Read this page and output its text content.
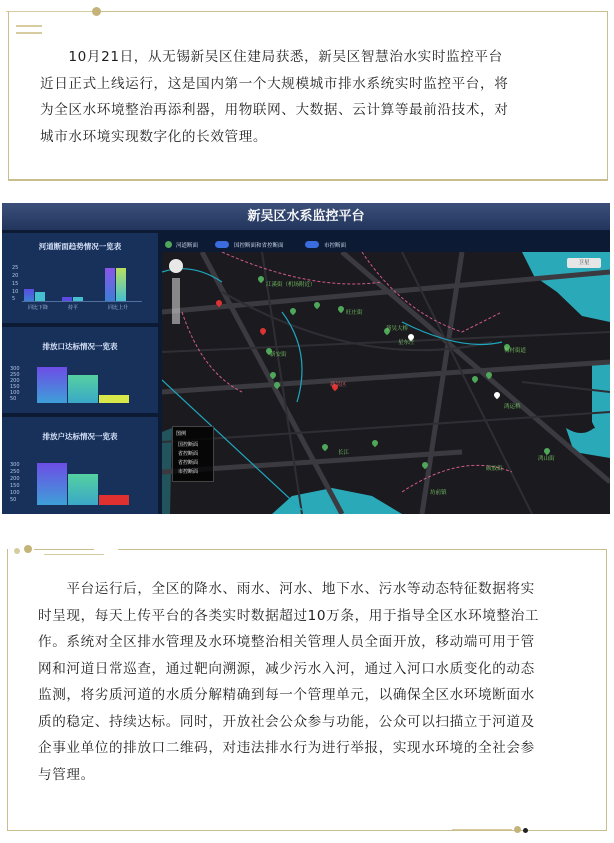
　　10月21日，从无锡新吴区住建局获悉，新吴区智慧治水实时监控平台
近日正式上线运行，这是国内第一个大规模城市排水系统实时监控平台，将
为全区水环境整治再添利器，用物联网、大数据、云计算等最前沿技术，对
城市水环境实现数字化的长效管理。
新吴区水系监控平台
河道断面趋势情况一览表
25
20
15
10
5
同比下降	持平	同比上升
排放口达标情况一览表
300
250
200
150
100
50
排放户达标情况一览表
300
250
200
150
100
50
河道断面	国控断面和省控断面	市控断面
江溪街（机场附近）
旺庄街
新安街
梅村街道
鸿山街
硕放街
长江
新吴大桥
坊前镇
星东庄
鸿运桥
新吴区
卫星
图例
国控断面
省控断面
省控断面
市控断面
　　平台运行后，全区的降水、雨水、河水、地下水、污水等动态特征数据将实
时呈现，每天上传平台的各类实时数据超过10万条，用于指导全区水环境整治工
作。系统对全区排水管理及水环境整治相关管理人员全面开放，移动端可用于管
网和河道日常巡查，通过靶向溯源，减少污水入河，通过入河口水质变化的动态
监测，将劣质河道的水质分解精确到每一个管理单元，以确保全区水环境断面水
质的稳定、持续达标。同时，开放社会公众参与功能，公众可以扫描立于河道及
企事业单位的排放口二维码，对违法排水行为进行举报，实现水环境的全社会参
与管理。
